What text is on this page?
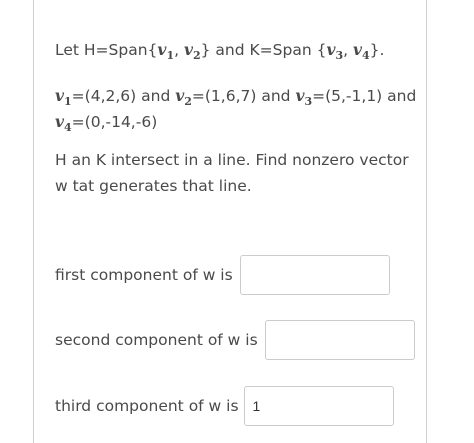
Let $H=Span\{v_1$, $v_2$} and K=Span {$v_3$, $v_4$}.
$v_1=(4,2,6)$ and $v_2=(1,6,7)$ and $v_3=(5,-1,1)$ and
$v_4=(0,-14,-6)$
H an K intersect in a line. Find nonzero vector
w tat generates that line.
first component of w is
second component of w is
third component of w is	1
